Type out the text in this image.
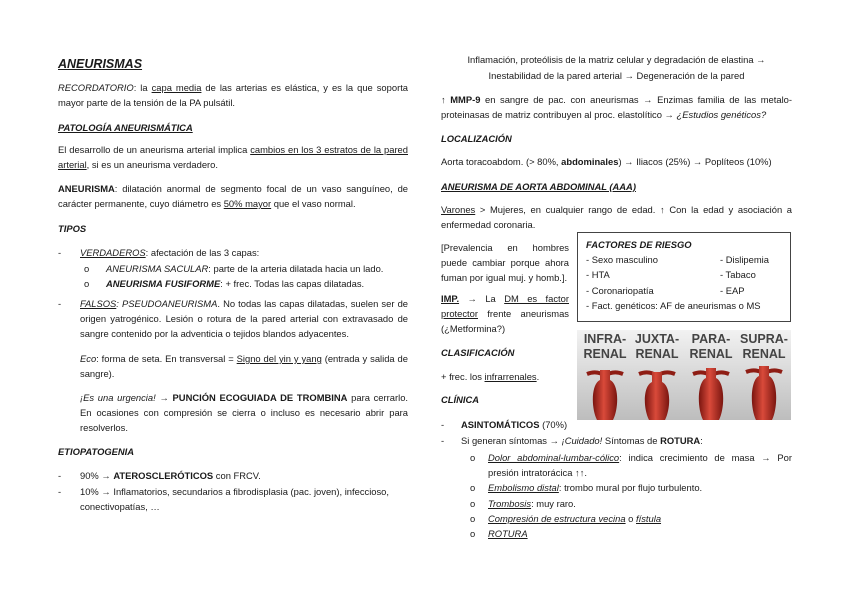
ANEURISMAS

RECORDATORIO: la capa media de las arterias es elástica, y es la que soporta mayor parte de la tensión de la PA pulsátil.

PATOLOGÍA ANEURISMÁTICA

El desarrollo de un aneurisma arterial implica cambios en los 3 estratos de la pared arterial, si es un aneurisma verdadero.

ANEURISMA: dilatación anormal de segmento focal de un vaso sanguíneo, de carácter permanente, cuyo diámetro es 50% mayor que el vaso normal.

TIPOS
- VERDADEROS: afectación de las 3 capas:
o ANEURISMA SACULAR: parte de la arteria dilatada hacia un lado.
o ANEURISMA FUSIFORME: + frec. Todas las capas dilatadas.
- FALSOS: PSEUDOANEURISMA. No todas las capas dilatadas, suelen ser de origen yatrogénico. Lesión o rotura de la pared arterial con extravasado de sangre contenido por la adventicia o tejidos blandos adyacentes.

Eco: forma de seta. En transversal = Signo del yin y yang (entrada y salida de sangre).

¡Es una urgencia! → PUNCIÓN ECOGUIADA DE TROMBINA para cerrarlo. En ocasiones con compresión se cierra o incluso es necesario abrir para resolverlos.

ETIOPATOGENIA
- 90% → ATEROSCLERÓTICOS con FRCV.
- 10% → Inflamatorios, secundarios a fibrodisplasia (pac. joven), infeccioso, conectivopatías, …

Inflamación, proteólisis de la matriz celular y degradación de elastina →

Inestabilidad de la pared arterial → Degeneración de la pared

↑ MMP-9 en sangre de pac. con aneurismas → Enzimas familia de las metalo-proteinasas de matriz contribuyen al proc. elastolítico → ¿Estudios genéticos?

LOCALIZACIÓN

Aorta toracoabdom. (> 80%, abdominales) → Iliacos (25%) → Poplíteos (10%)

ANEURISMA DE AORTA ABDOMINAL (AAA)

Varones > Mujeres, en cualquier rango de edad. ↑ Con la edad y asociación a enfermedad coronaria.

[Prevalencia en hombres puede cambiar porque ahora fuman por igual muj. y homb.].

IMP. → La DM es factor protector frente aneurismas (¿Metformina?)

CLASIFICACIÓN

+ frec. los infrarrenales.

CLÍNICA
- ASINTOMÁTICOS (70%)
- Si generan síntomas → ¡Cuidado! Síntomas de ROTURA:
o Dolor abdominal-lumbar-cólico: indica crecimiento de masa → Por presión intratorácica ↑↑.

o Embolismo distal: trombo mural por flujo turbulento.
o Trombosis: muy raro.
o Compresión de estructura vecina o fístula
o ROTURA
FACTORES DE RIESGO
- Sexo masculino	- Dislipemia
- HTA	- Tabaco
- Coronariopatía	- EAP
- Fact. genéticos: AF de aneurismas o MS
INFRA-
RENAL
JUXTA-
RENAL
PARA-
RENAL
SUPRA-
RENAL
